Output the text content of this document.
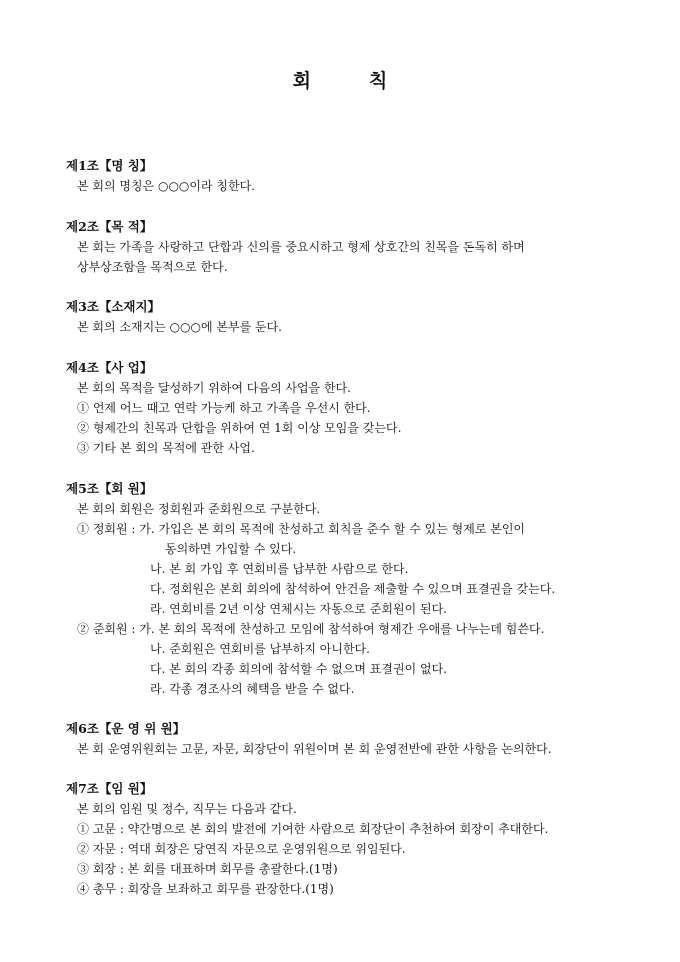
회	칙
제1조【명 칭】

본 회의 명칭은 ○○○이라 칭한다.

제2조【목 적】

본 회는 가족을 사랑하고 단합과 신의를 중요시하고 형제 상호간의 친목을 돈독히 하며

상부상조함을 목적으로 한다.

제3조【소재지】

본 회의 소재지는 ○○○에 본부를 둔다.

제4조【사 업】

본 회의 목적을 달성하기 위하여 다음의 사업을 한다.

① 언제 어느 때고 연락 가능케 하고 가족을 우선시 한다.

② 형제간의 친목과 단합을 위하여 연 1회 이상 모임을 갖는다.

③ 기타 본 회의 목적에 관한 사업.

제5조【회 원】

본 회의 회원은 정회원과 준회원으로 구분한다.

① 정회원 : 가. 가입은 본 회의 목적에 찬성하고 회칙을 준수 할 수 있는 형제로 본인이

동의하면 가입할 수 있다.

나. 본 회 가입 후 연회비를 납부한 사람으로 한다.

다. 정회원은 본회 회의에 참석하여 안건을 제출할 수 있으며 표결권을 갖는다.

라. 연회비를 2년 이상 연체시는 자동으로 준회원이 된다.

② 준회원 : 가. 본 회의 목적에 찬성하고 모임에 참석하여 형제간 우애를 나누는데 힘쓴다.

나. 준회원은 연회비를 납부하지 아니한다.

다. 본 회의 각종 회의에 참석할 수 없으며 표결권이 없다.

라. 각종 경조사의 혜택을 받을 수 없다.

제6조【운 영 위 원】

본 회 운영위원회는 고문, 자문, 회장단이 위원이며 본 회 운영전반에 관한 사항을 논의한다.

제7조【임 원】

본 회의 임원 및 정수, 직무는 다음과 같다.

① 고문 : 약간명으로 본 회의 발전에 기여한 사람으로 회장단이 추천하여 회장이 추대한다.

② 자문 : 역대 회장은 당연직 자문으로 운영위원으로 위임된다.

③ 회장 : 본 회를 대표하며 회무를 총괄한다.(1명)

④ 총무 : 회장을 보좌하고 회무를 관장한다.(1명)
